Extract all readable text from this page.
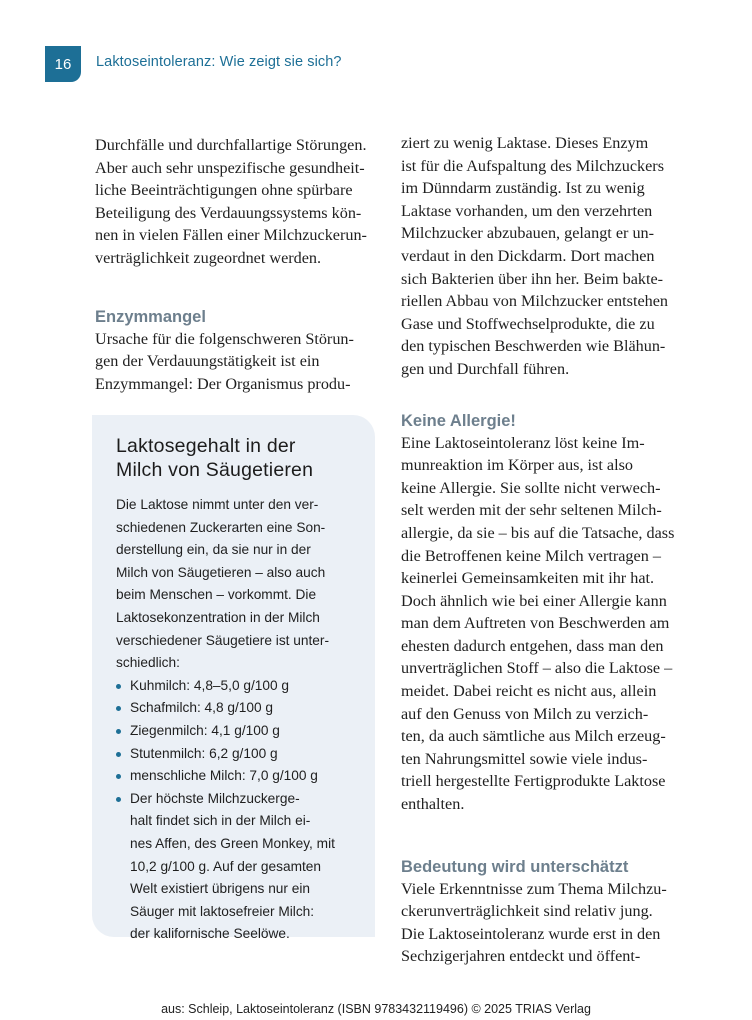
16 Laktoseintoleranz: Wie zeigt sie sich?

Durchfälle und durchfallartige Störungen.

Aber auch sehr unspezifische gesundheit-

liche Beeinträchtigungen ohne spürbare

Beteiligung des Verdauungssystems kön-

nen in vielen Fällen einer Milchzuckerun-

verträglichkeit zugeordnet werden.

Enzymmangel

Ursache für die folgenschweren Störun-

gen der Verdauungstätigkeit ist ein

Enzymmangel: Der Organismus produ-

Laktosegehalt in der
Milch von Säugetieren

Die Laktose nimmt unter den ver-

schiedenen Zuckerarten eine Son-

derstellung ein, da sie nur in der

Milch von Säugetieren – also auch

beim Menschen – vorkommt. Die

Laktosekonzentration in der Milch

verschiedener Säugetiere ist unter-

schiedlich:

Kuhmilch: 4,8–5,0 g/100 g
Schafmilch: 4,8 g/100 g
Ziegenmilch: 4,1 g/100 g
Stutenmilch: 6,2 g/100 g
menschliche Milch: 7,0 g/100 g
Der höchste Milchzuckerge-
halt findet sich in der Milch ei-
nes Affen, des Green Monkey, mit
10,2 g/100 g. Auf der gesamten
Welt existiert übrigens nur ein
Säuger mit laktosefreier Milch:
der kalifornische Seelöwe.

ziert zu wenig Laktase. Dieses Enzym

ist für die Aufspaltung des Milchzuckers

im Dünndarm zuständig. Ist zu wenig

Laktase vorhanden, um den verzehrten

Milchzucker abzubauen, gelangt er un-

verdaut in den Dickdarm. Dort machen

sich Bakterien über ihn her. Beim bakte-

riellen Abbau von Milchzucker entstehen

Gase und Stoffwechselprodukte, die zu

den typischen Beschwerden wie Blähun-

gen und Durchfall führen.

Keine Allergie!

Eine Laktoseintoleranz löst keine Im-

munreaktion im Körper aus, ist also

keine Allergie. Sie sollte nicht verwech-

selt werden mit der sehr seltenen Milch-

allergie, da sie – bis auf die Tatsache, dass

die Betroffenen keine Milch vertragen –

keinerlei Gemeinsamkeiten mit ihr hat.

Doch ähnlich wie bei einer Allergie kann

man dem Auftreten von Beschwerden am

ehesten dadurch entgehen, dass man den

unverträglichen Stoff – also die Laktose –

meidet. Dabei reicht es nicht aus, allein

auf den Genuss von Milch zu verzich-

ten, da auch sämtliche aus Milch erzeug-

ten Nahrungsmittel sowie viele indus-

triell hergestellte Fertigprodukte Laktose

enthalten.

Bedeutung wird unterschätzt

Viele Erkenntnisse zum Thema Milchzu-

ckerunverträglichkeit sind relativ jung.

Die Laktoseintoleranz wurde erst in den

Sechzigerjahren entdeckt und öffent-

aus: Schleip, Laktoseintoleranz (ISBN 9783432119496) © 2025 TRIAS Verlag
